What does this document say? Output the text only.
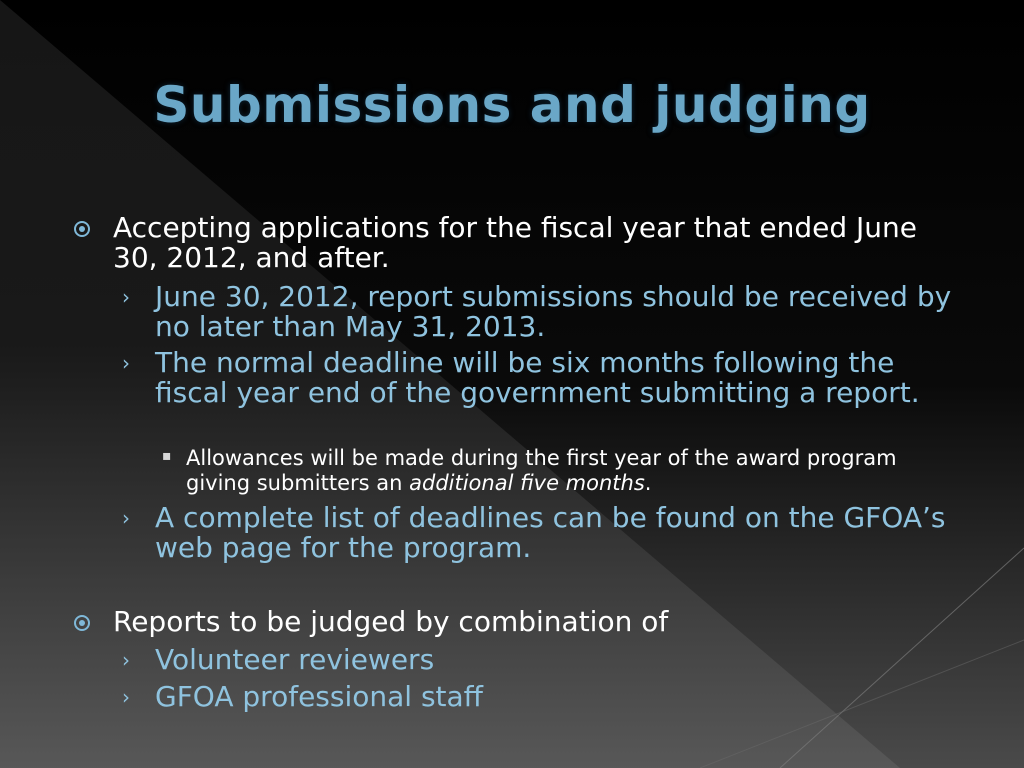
Submissions and judging
Accepting applications for the fiscal year that ended June 30, 2012, and after.
› June 30, 2012, report submissions should be received by no later than May 31, 2013.
› The normal deadline will be six months following the fiscal year end of the government submitting a report.
▪ Allowances will be made during the first year of the award program giving submitters an additional five months.
› A complete list of deadlines can be found on the GFOA’s web page for the program.
Reports to be judged by combination of
› Volunteer reviewers
› GFOA professional staff
